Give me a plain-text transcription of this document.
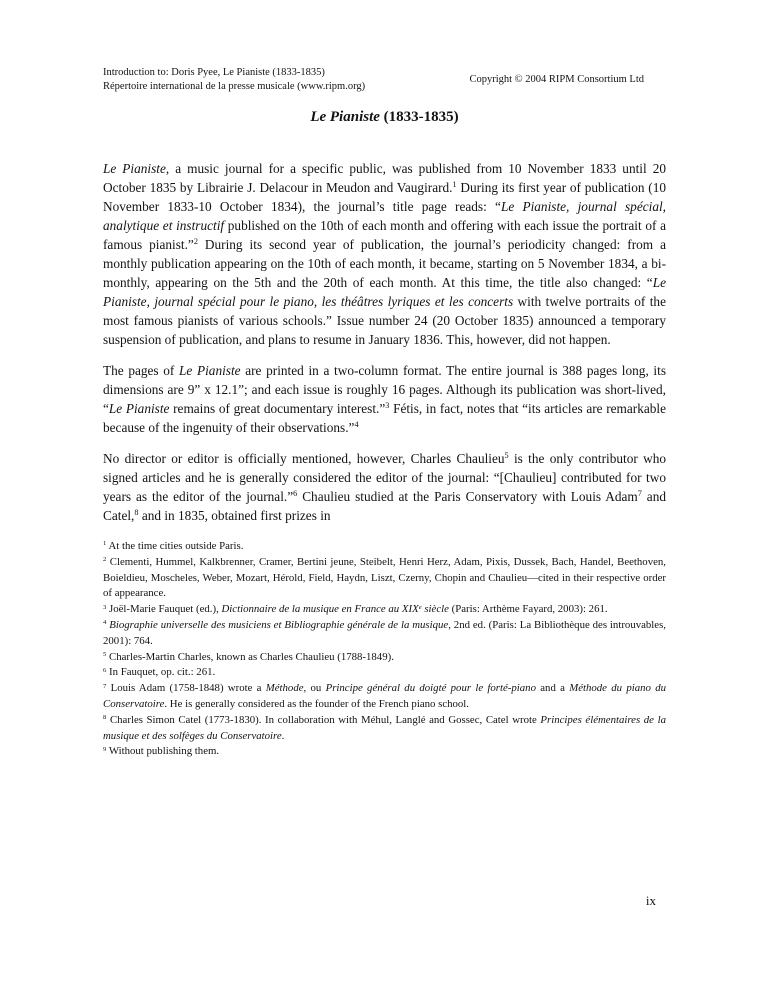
Introduction to: Doris Pyee, Le Pianiste (1833-1835)
Répertoire international de la presse musicale (www.ripm.org)
Copyright © 2004 RIPM Consortium Ltd
Le Pianiste (1833-1835)

Le Pianiste, a music journal for a specific public, was published from 10 November 1833 until 20 October 1835 by Librairie J. Delacour in Meudon and Vaugirard.$^1$ During its first year of publication (10 November 1833-10 October 1834), the journal’s title page reads: “Le Pianiste, journal spécial, analytique et instructif published on the 10th of each month and offering with each issue the portrait of a famous pianist.”$^2$ During its second year of publication, the journal’s periodicity changed: from a monthly publication appearing on the 10th of each month, it became, starting on 5 November 1834, a bi-monthly, appearing on the 5th and the 20th of each month. At this time, the title also changed: “Le Pianiste, journal spécial pour le piano, les théâtres lyriques et les concerts with twelve portraits of the most famous pianists of various schools.” Issue number 24 (20 October 1835) announced a temporary suspension of publication, and plans to resume in January 1836. This, however, did not happen.

The pages of Le Pianiste are printed in a two-column format. The entire journal is 388 pages long, its dimensions are 9” x 12.1”; and each issue is roughly 16 pages. Although its publication was short-lived, “Le Pianiste remains of great documentary interest.”$^3$ Fétis, in fact, notes that “its articles are remarkable because of the ingenuity of their observations.”$^4$

No director or editor is officially mentioned, however, Charles Chaulieu$^5$ is the only contributor who signed articles and he is generally considered the editor of the journal: “[Chaulieu] contributed for two years as the editor of the journal.”$^6$ Chaulieu studied at the Paris Conservatory with Louis Adam$^7$ and Catel,$^8$ and in 1835, obtained first prizes in

$^1$ At the time cities outside Paris.
$^2$ Clementi, Hummel, Kalkbrenner, Cramer, Bertini jeune, Steibelt, Henri Herz, Adam, Pixis, Dussek, Bach, Handel, Beethoven, Boieldieu, Moscheles, Weber, Mozart, Hérold, Field, Haydn, Liszt, Czerny, Chopin and Chaulieu—cited in their respective order of appearance.
$^3$ Joël-Marie Fauquet (ed.), Dictionnaire de la musique en France au XIXe siècle (Paris: Arthème Fayard, 2003): 261.
$^4$ Biographie universelle des musiciens et Bibliographie générale de la musique, 2nd ed. (Paris: La Bibliothèque des introuvables, 2001): 764.
$^5$ Charles-Martin Charles, known as Charles Chaulieu (1788-1849).
$^6$ In Fauquet, op. cit.: 261.
$^7$ Louis Adam (1758-1848) wrote a Méthode, ou Principe général du doigté pour le forté-piano and a Méthode du piano du Conservatoire. He is generally considered as the founder of the French piano school.
$^8$ Charles Simon Catel (1773-1830). In collaboration with Méhul, Langlé and Gossec, Catel wrote Principes élémentaires de la musique et des solfèges du Conservatoire.
$^9$ Without publishing them.
ix
